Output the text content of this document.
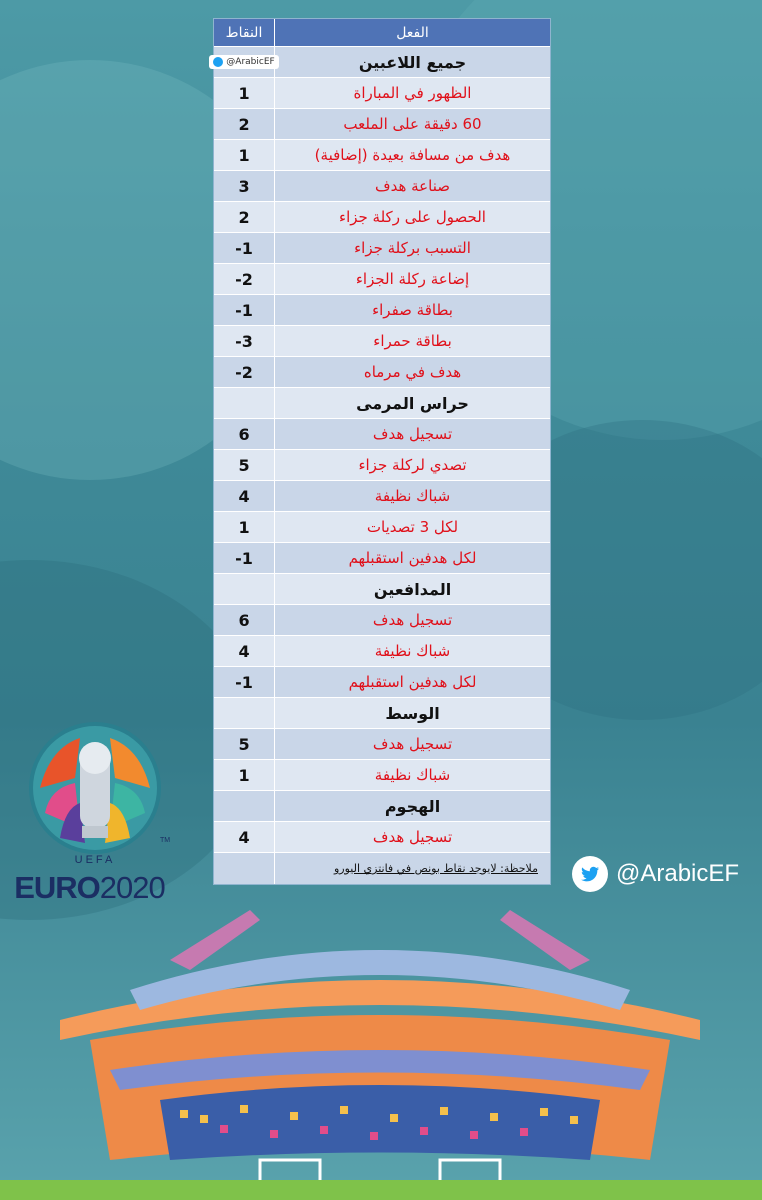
النقاط	الفعل
@ArabicEF	جميع اللاعبين
1	الظهور في المباراة
2	60 دقيقة على الملعب
1	هدف من مسافة بعيدة (إضافية)
3	صناعة هدف
2	الحصول على ركلة جزاء
-1	التسبب بركلة جزاء
-2	إضاعة ركلة الجزاء
-1	بطاقة صفراء
-3	بطاقة حمراء
-2	هدف في مرماه
حراس المرمى
6	تسجيل هدف
5	تصدي لركلة جزاء
4	شباك نظيفة
1	لكل 3 تصديات
-1	لكل هدفين استقبلهم
المدافعين
6	تسجيل هدف
4	شباك نظيفة
-1	لكل هدفين استقبلهم
الوسط
5	تسجيل هدف
1	شباك نظيفة
الهجوم
4	تسجيل هدف
ملاحظة: لايوجد نقاط بونص في فانتزي اليورو	@ArabicEF
UEFA
TM
EURO2020
